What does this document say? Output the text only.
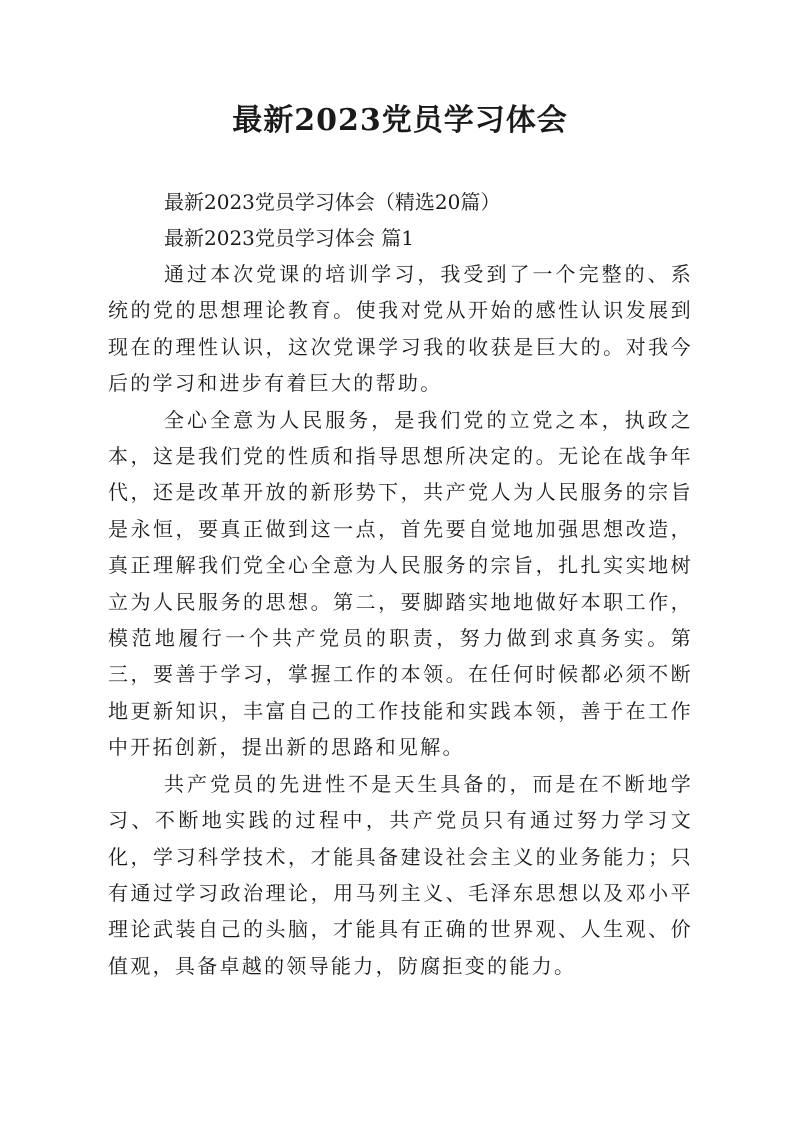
最新2023党员学习体会

最新2023党员学习体会（精选20篇）

最新2023党员学习体会 篇1

通过本次党课的培训学习，我受到了一个完整的、系统的党的思想理论教育。使我对党从开始的感性认识发展到现在的理性认识，这次党课学习我的收获是巨大的。对我今后的学习和进步有着巨大的帮助。

全心全意为人民服务，是我们党的立党之本，执政之本，这是我们党的性质和指导思想所决定的。无论在战争年代，还是改革开放的新形势下，共产党人为人民服务的宗旨是永恒，要真正做到这一点，首先要自觉地加强思想改造，真正理解我们党全心全意为人民服务的宗旨，扎扎实实地树立为人民服务的思想。第二，要脚踏实地地做好本职工作，模范地履行一个共产党员的职责，努力做到求真务实。第三，要善于学习，掌握工作的本领。在任何时候都必须不断地更新知识，丰富自己的工作技能和实践本领，善于在工作中开拓创新，提出新的思路和见解。

共产党员的先进性不是天生具备的，而是在不断地学习、不断地实践的过程中，共产党员只有通过努力学习文化，学习科学技术，才能具备建设社会主义的业务能力；只有通过学习政治理论，用马列主义、毛泽东思想以及邓小平理论武装自己的头脑，才能具有正确的世界观、人生观、价值观，具备卓越的领导能力，防腐拒变的能力。
